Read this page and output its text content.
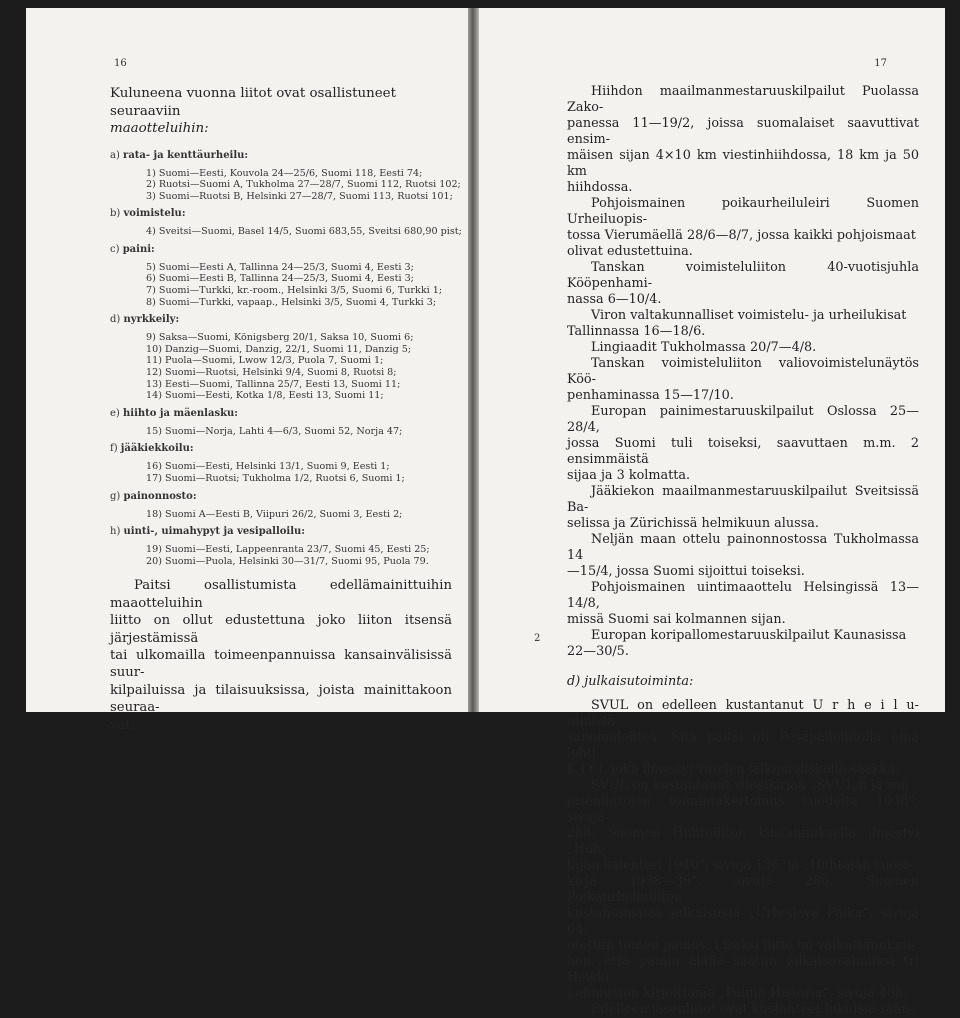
16
Kuluneena vuonna liitot ovat osallistuneet seuraaviin
maaotteluihin:
a) rata- ja kenttäurheilu:
1) Suomi—Eesti, Kouvola 24—25/6, Suomi 118, Eesti 74;
2) Ruotsi—Suomi A, Tukholma 27—28/7, Suomi 112, Ruotsi 102;
3) Suomi—Ruotsi B, Helsinki 27—28/7, Suomi 113, Ruotsi 101;
b) voimistelu:
4) Sveitsi—Suomi, Basel 14/5, Suomi 683,55, Sveitsi 680,90 pist;
c) paini:
5) Suomi—Eesti A, Tallinna 24—25/3, Suomi 4, Eesti 3;
6) Suomi—Eesti B, Tallinna 24—25/3, Suomi 4, Eesti 3;
7) Suomi—Turkki, kr.-room., Helsinki 3/5, Suomi 6, Turkki 1;
8) Suomi—Turkki, vapaap., Helsinki 3/5, Suomi 4, Turkki 3;
d) nyrkkeily:
9) Saksa—Suomi, Königsberg 20/1, Saksa 10, Suomi 6;
10) Danzig—Suomi, Danzig, 22/1, Suomi 11, Danzig 5;
11) Puola—Suomi, Lwow 12/3, Puola 7, Suomi 1;
12) Suomi—Ruotsi, Helsinki 9/4, Suomi 8, Ruotsi 8;
13) Eesti—Suomi, Tallinna 25/7, Eesti 13, Suomi 11;
14) Suomi—Eesti, Kotka 1/8, Eesti 13, Suomi 11;
e) hiihto ja mäenlasku:
15) Suomi—Norja, Lahti 4—6/3, Suomi 52, Norja 47;
f) jääkiekkoilu:
16) Suomi—Eesti, Helsinki 13/1, Suomi 9, Eesti 1;
17) Suomi—Ruotsi; Tukholma 1/2, Ruotsi 6, Suomi 1;
g) painonnosto:
18) Suomi A—Eesti B, Viipuri 26/2, Suomi 3, Eesti 2;
h) uinti-, uimahypyt ja vesipalloilu:
19) Suomi—Eesti, Lappeenranta 23/7, Suomi 45, Eesti 25;
20) Suomi—Puola, Helsinki 30—31/7, Suomi 95, Puola 79.
Paitsi osallistumista edellämainittuihin maaotteluihin
liitto on ollut edustettuna joko liiton itsensä järjestämissä
tai ulkomailla toimeenpannuissa kansainvälisissä suur-
kilpailuissa ja tilaisuuksissa, joista mainittakoon seuraa-
vat:
17

Hiihdon maailmanmestaruuskilpailut Puolassa Zako-

panessa 11—19/2, joissa suomalaiset saavuttivat ensim-

mäisen sijan 4×10 km viestinhiihdossa, 18 km ja 50 km

hiihdossa.

Pohjoismainen poikaurheiluleiri Suomen Urheiluopis-

tossa Vierumäellä 28/6—8/7, jossa kaikki pohjoismaat

olivat edustettuina.

Tanskan voimisteluliiton 40-vuotisjuhla Kööpenhami-

nassa 6—10/4.

Viron valtakunnalliset voimistelu- ja urheilukisat

Tallinnassa 16—18/6.

Lingiaadit Tukholmassa 20/7—4/8.

Tanskan voimisteluliiton valiovoimistelunäytös Köö-

penhaminassa 15—17/10.

Europan painimestaruuskilpailut Oslossa 25—28/4,

jossa Suomi tuli toiseksi, saavuttaen m.m. 2 ensimmäistä

sijaa ja 3 kolmatta.

Jääkiekon maailmanmestaruuskilpailut Sveitsissä Ba-

selissa ja Zürichissä helmikuun alussa.

Neljän maan ottelu painonnostossa Tukholmassa 14

—15/4, jossa Suomi sijoittui toiseksi.

Pohjoismainen uintimaaottelu Helsingissä 13—14/8,

missä Suomi sai kolmannen sijan.

Europan koripallomestaruuskilpailut Kaunasissa

22—30/5.

d) julkaisutoiminta:

SVUL on edelleen kustantanut U r h e i l u-nimistä

sanomalehteä. Sitä paitsi oli Pesäpalloliitolla oma lehti

K i r i, joka ilmestyi vuoden jälkipuoliskolle saakka.

SVUL on kustantanut vuosikirjan „SVUL:n ja sen

jäsenliittojen toimintakertomus vuodelta 1938”, sivuja

288. Suomen Hiihtoliiton kustannuksella ilmestyi „Hiih-

täjän kalenteri 1940”, sivuja 136, ja „Hiihtäjän vuosi-

kirja 1938—39”, sivuja 286. Suomen Poikaurheiluliiton

kustantamasta julkaisusta „Urheileva Poika”, sivuja 64,

otettiin toinen painos. Lisäksi liitto on vaikuttanut sii-

hen, että painin alalla saatiin julkaisuvalmiiksi tri Heikki

Lehmuston kirjoittama „Painin Historia”, sivuja 488.

Edelleen jäsenliitot ovat kustanteet lukuisia sään-

2
